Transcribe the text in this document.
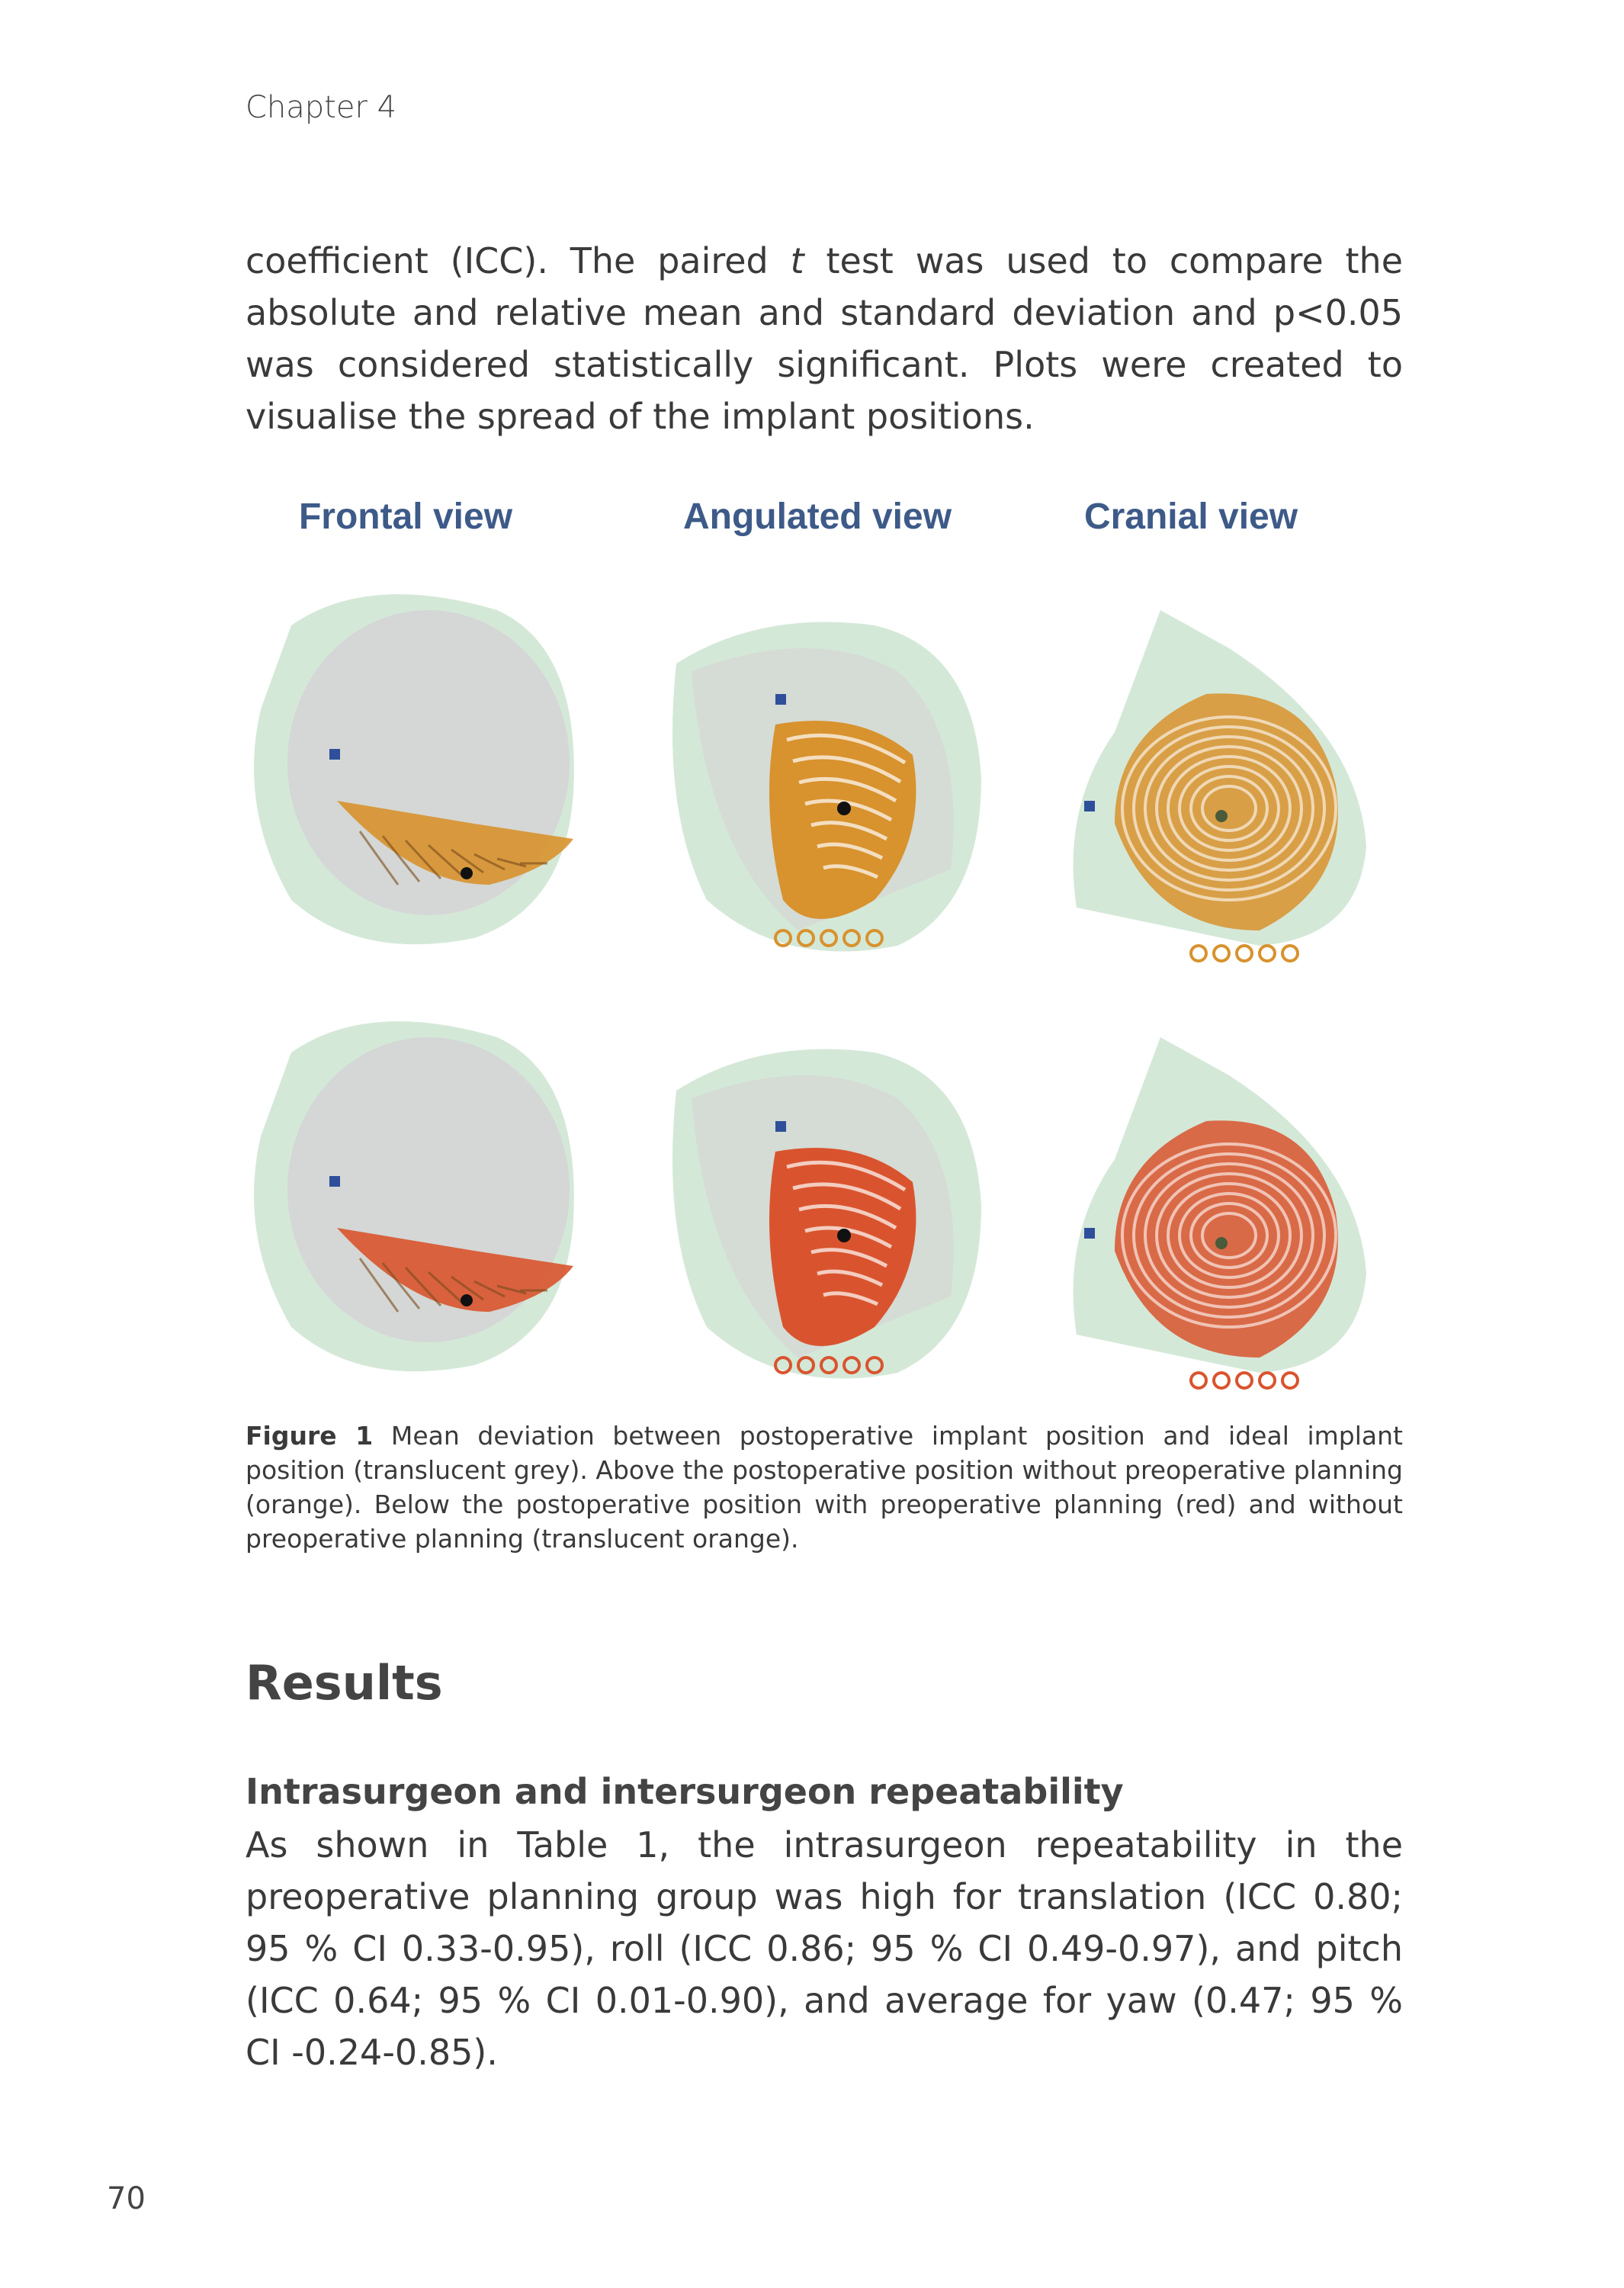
Chapter 4

coefficient (ICC). The paired t test was used to compare the absolute and relative mean and standard deviation and p<0.05 was considered statistically significant. Plots were created to visualise the spread of the implant positions.

Frontal view	Angulated view	Cranial view

Figure 1 Mean deviation between postoperative implant position and ideal implant position (translucent grey). Above the postoperative position without preoperative planning (orange). Below the postoperative position with preoperative planning (red) and without preoperative planning (translucent orange).

Results
Intrasurgeon and intersurgeon repeatability

As shown in Table 1, the intrasurgeon repeatability in the preoperative planning group was high for translation (ICC 0.80; 95 % CI 0.33-0.95), roll (ICC 0.86; 95 % CI 0.49-0.97), and pitch (ICC 0.64; 95 % CI 0.01-0.90), and average for yaw (0.47; 95 % CI -0.24-0.85).

70
